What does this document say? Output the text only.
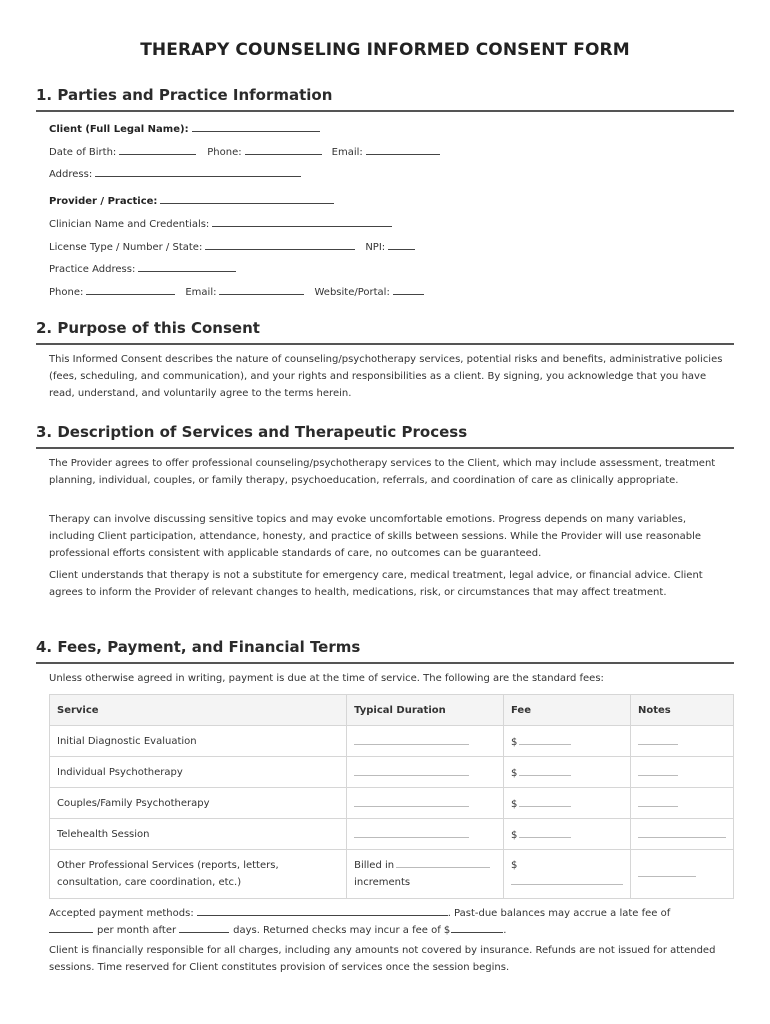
THERAPY COUNSELING INFORMED CONSENT FORM
1. Parties and Practice Information
Client (Full Legal Name):
Date of Birth:	Phone:	Email:
Address:
Provider / Practice:
Clinician Name and Credentials:
License Type / Number / State:	NPI:
Practice Address:
Phone:	Email:	Website/Portal:
2. Purpose of this Consent
This Informed Consent describes the nature of counseling/psychotherapy services, potential risks and benefits, administrative policies (fees, scheduling, and communication), and your rights and responsibilities as a client. By signing, you acknowledge that you have read, understand, and voluntarily agree to the terms herein.
3. Description of Services and Therapeutic Process
The Provider agrees to offer professional counseling/psychotherapy services to the Client, which may include assessment, treatment planning, individual, couples, or family therapy, psychoeducation, referrals, and coordination of care as clinically appropriate.
Therapy can involve discussing sensitive topics and may evoke uncomfortable emotions. Progress depends on many variables, including Client participation, attendance, honesty, and practice of skills between sessions. While the Provider will use reasonable professional efforts consistent with applicable standards of care, no outcomes can be guaranteed.
Client understands that therapy is not a substitute for emergency care, medical treatment, legal advice, or financial advice. Client agrees to inform the Provider of relevant changes to health, medications, risk, or circumstances that may affect treatment.
4. Fees, Payment, and Financial Terms
Unless otherwise agreed in writing, payment is due at the time of service. The following are the standard fees:
Service	Typical Duration	Fee	Notes
Initial Diagnostic Evaluation		$	
Individual Psychotherapy		$	
Couples/Family Psychotherapy		$	
Telehealth Session		$	
Other Professional Services (reports, letters,
consultation, care coordination, etc.)	Billed in
increments	$

Accepted payment methods:	. Past-due balances may accrue a late fee of
per month after	days. Returned checks may incur a fee of $	.
Client is financially responsible for all charges, including any amounts not covered by insurance. Refunds are not issued for attended sessions. Time reserved for Client constitutes provision of services once the session begins.
